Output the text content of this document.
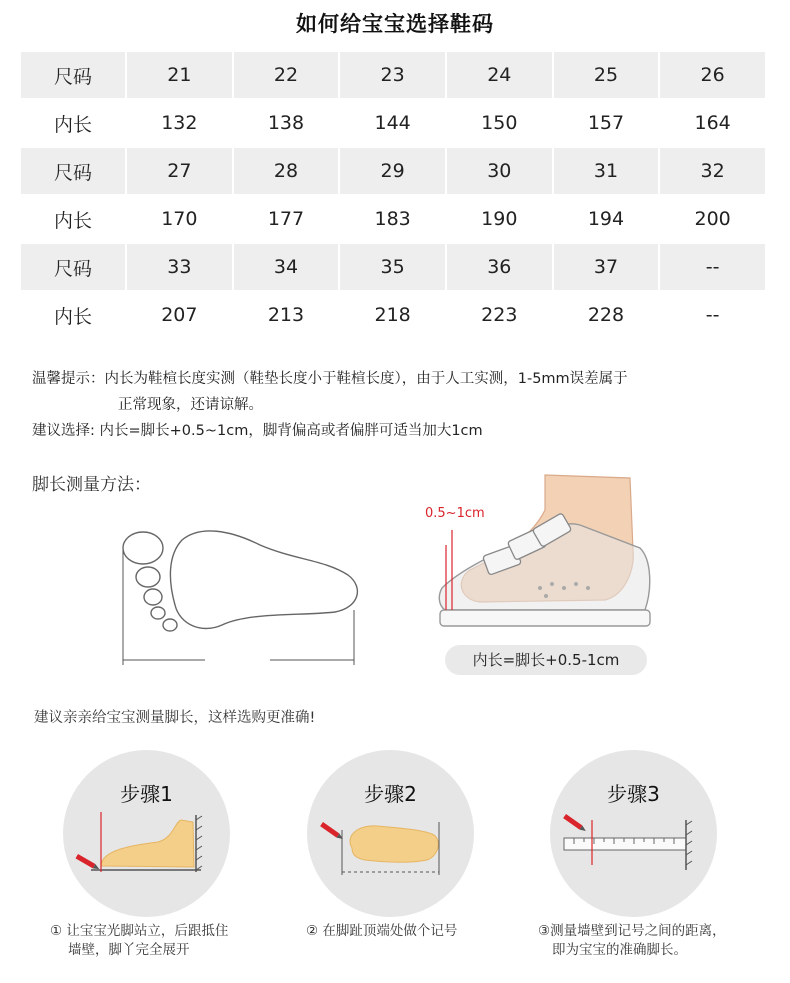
如何给宝宝选择鞋码
尺码	21	22	23	24	25	26
内长	132	138	144	150	157	164
尺码	27	28	29	30	31	32
内长	170	177	183	190	194	200
尺码	33	34	35	36	37	--
内长	207	213	218	223	228	--
温馨提示：内长为鞋楦长度实测（鞋垫长度小于鞋楦长度），由于人工实测，1-5mm误差属于
正常现象，还请谅解。
建议选择: 内长=脚长+0.5~1cm，脚背偏高或者偏胖可适当加大1cm
脚长测量方法：
0.5~1cm
内长=脚长+0.5-1cm
建议亲亲给宝宝测量脚长，这样选购更准确!
步骤1
① 让宝宝光脚站立，后跟抵住
墙壁，脚丫完全展开
步骤2
② 在脚趾顶端处做个记号
步骤3
③测量墙壁到记号之间的距离，
即为宝宝的准确脚长。
